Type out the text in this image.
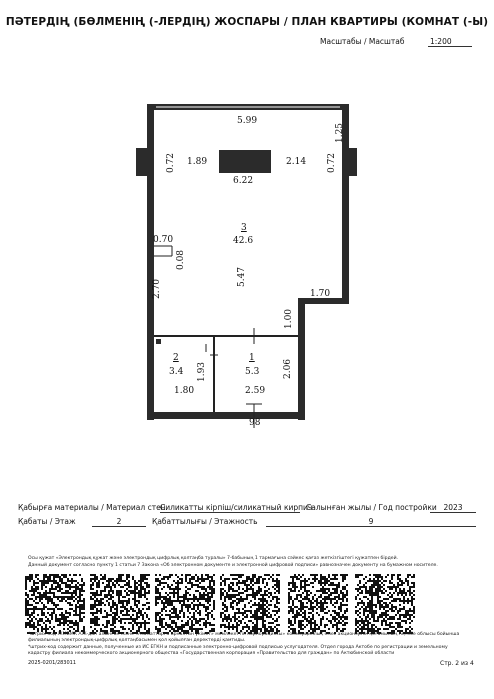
ПӘТЕРДІҢ (БӨЛМЕНІҢ (-ЛЕРДІҢ) ЖОСПАРЫ / ПЛАН КВАРТИРЫ (КОМНАТ (-Ы)
Масштабы / Масштаб	1:200
5.99
1.25
0.72	0.72
1.89	2.14
6.22
3
42.6
0.70
0.08
5.47
2.70	1.70
1.00
2
3.4 1.93
1.80
1
5.3	2.06
2.59
98
Қабырға материалы / Материал стен
Силикатты кірпіш/силикатный кирпич
Салынған жылы / Год постройки 2023
Қабаты / Этаж	2	Қабаттылығы / Этажность	9
Осы құжат «Электрондық құжат және электрондық цифрлық қолтаңба туралы» 7-бабының 1 тармағына сәйкес қағаз жеткізгіштегі құжатпен бірдей.
Данный документ согласно пункту 1 статьи 7 Закона «Об электронном документе и электронной цифровой подписи» равнозначен документу на бумажном носителе.
*штрих-код ЖМБМК АЖ-дан алынған және «Азаматтарға арналған үкімет» мемлекеттік корпорациясы» коммерциялық емес акционерлік қоғамының Ақтөбе облысы бойынша филиалының электрондық-цифрлық қолтаңбасымен қол қойылған деректерді қамтиды.
*штрих-код содержит данные, полученные из ИС ЕГКН и подписанные электронно-цифровой подписью услугодателя. Отдел города Актобе по регистрации и земельному кадастру филиала некоммерческого акционерного общества «Государственная корпорация «Правительство для граждан» по Актюбинской области
2025-0201/283011	Стр. 2 из 4
